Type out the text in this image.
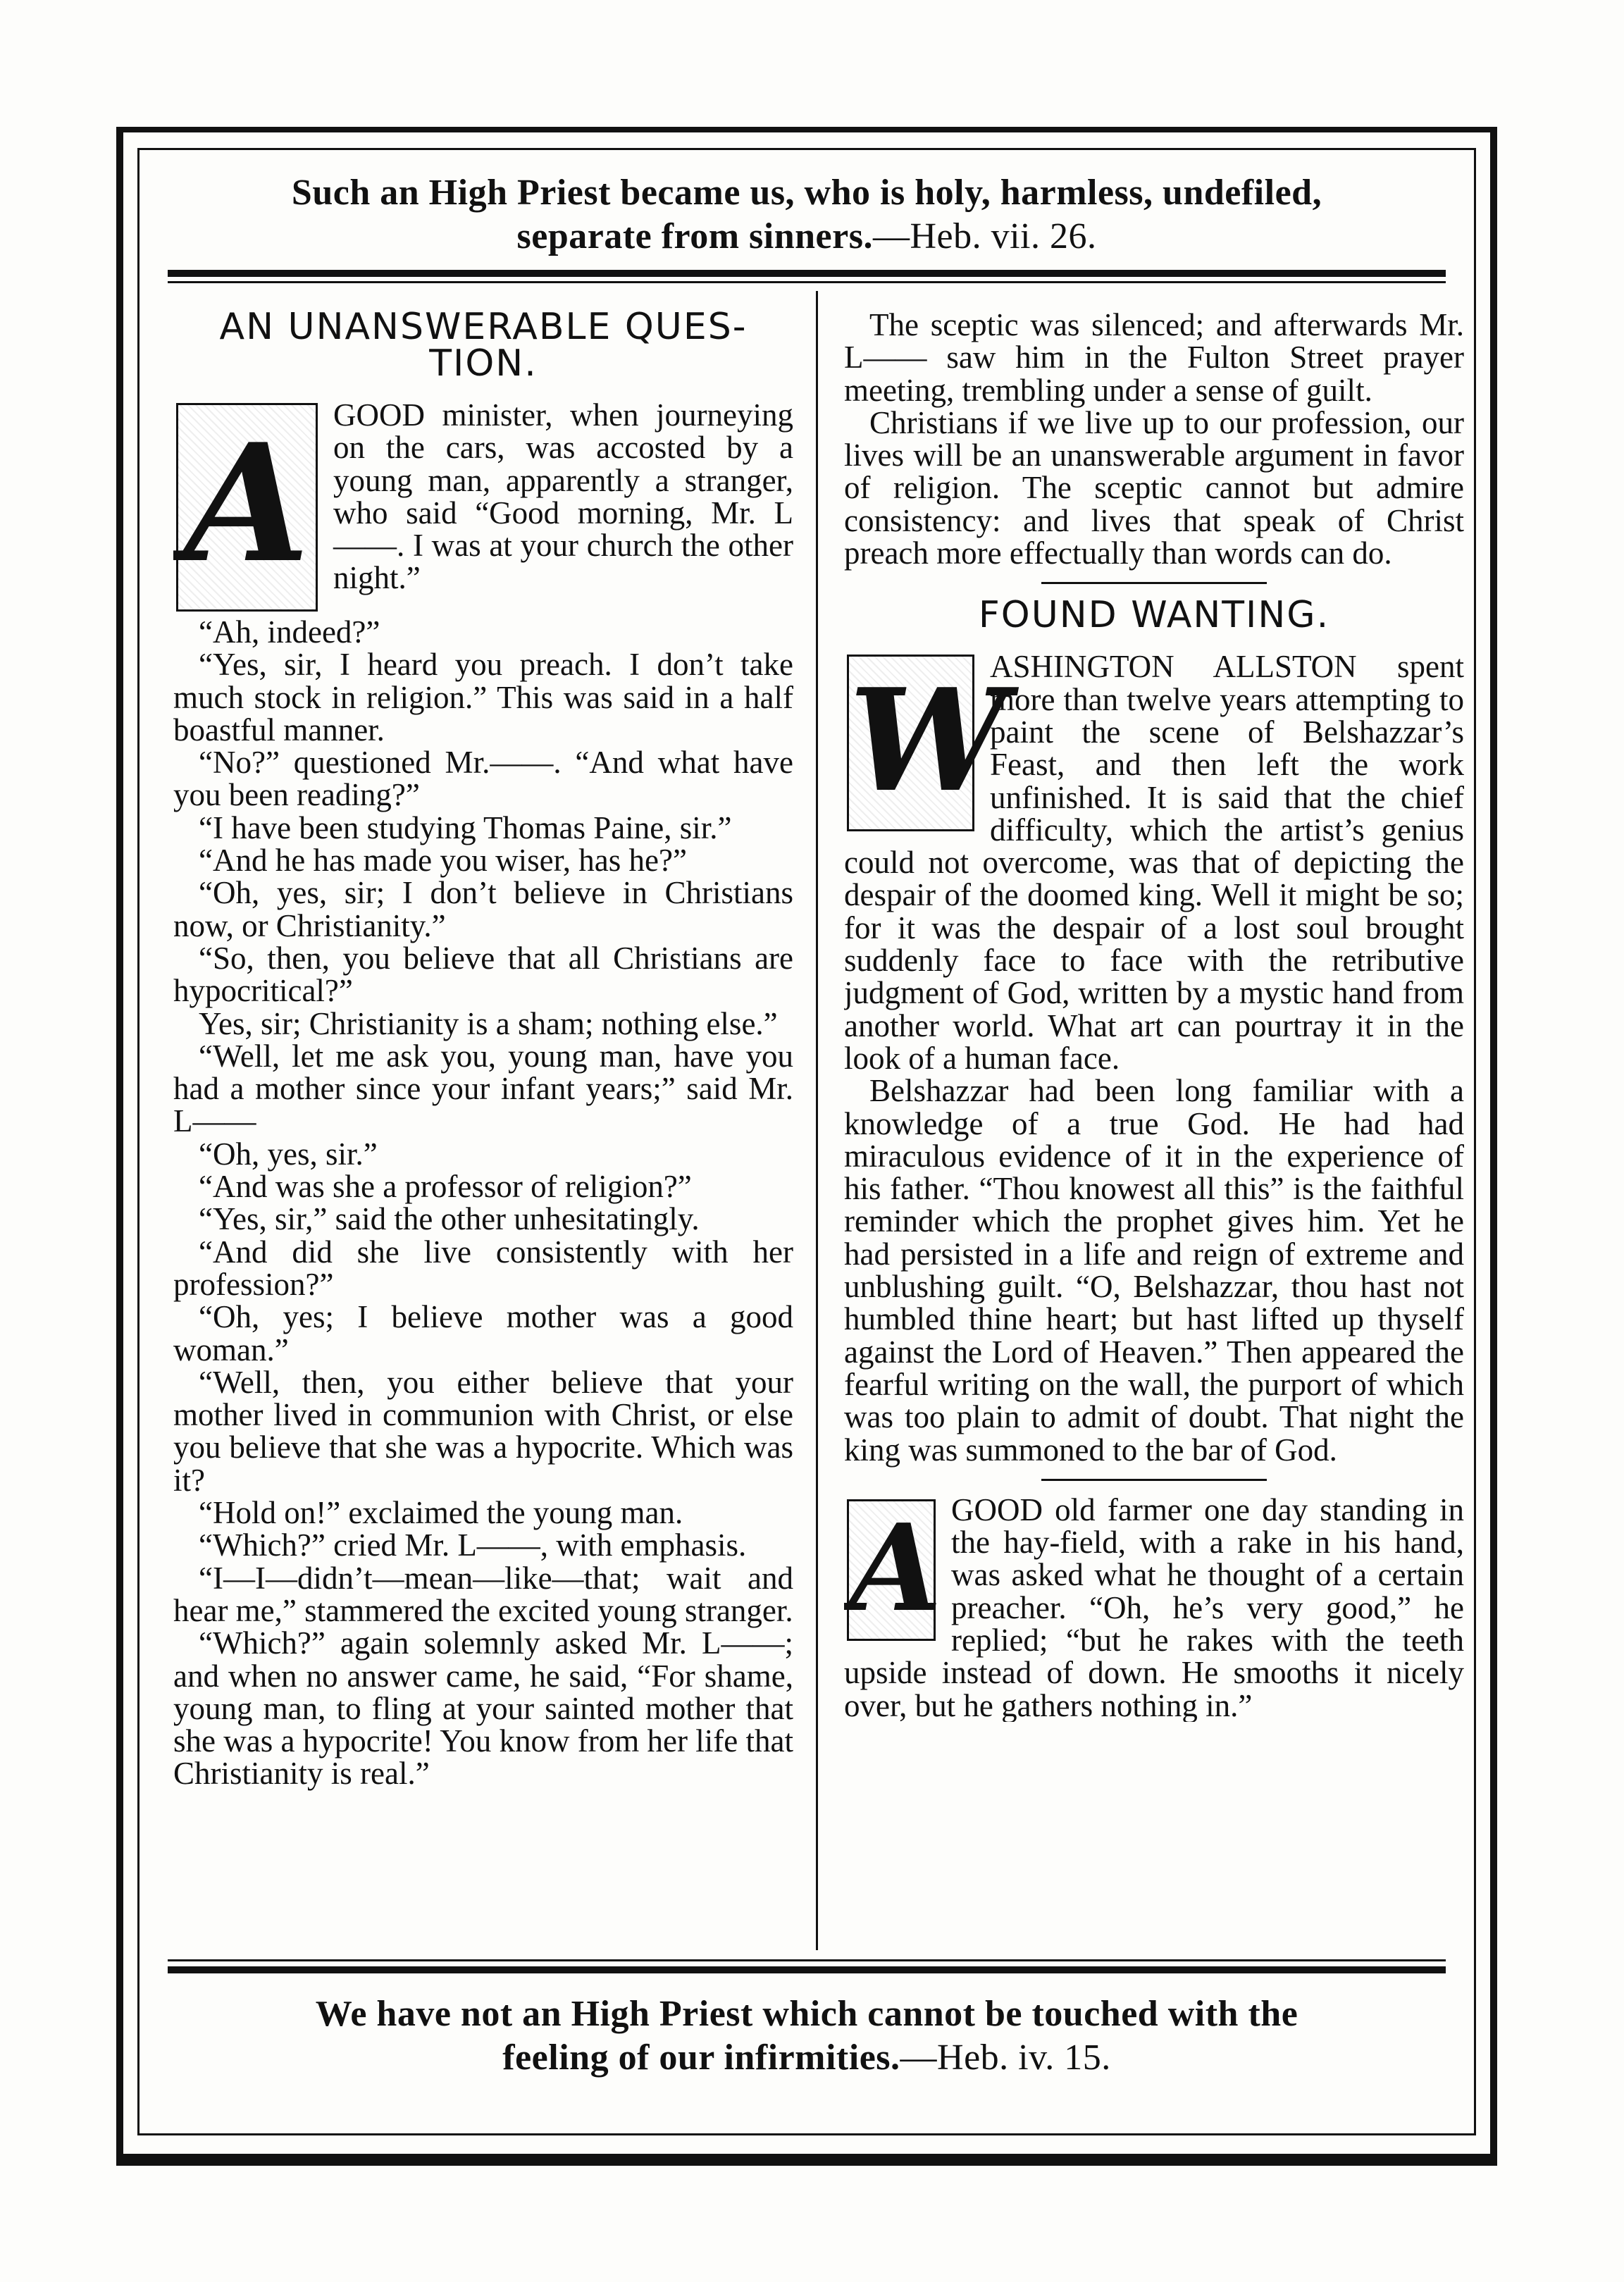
Such an High Priest became us, who is holy, harmless, undefiled,
separate from sinners.—Heb. vii. 26.
AN UNANSWERABLE QUES-TION.
A GOOD minister, when journeying on the cars, was accosted by a young man, apparently a stranger, who said “Good morning, Mr. L——. I was at your church the other night.”

“Ah, indeed?”

“Yes, sir, I heard you preach. I don’t take much stock in religion.” This was said in a half boastful manner.

“No?” questioned Mr.——. “And what have you been reading?”

“I have been studying Thomas Paine, sir.”

“And he has made you wiser, has he?”

“Oh, yes, sir; I don’t believe in Christians now, or Christianity.”

“So, then, you believe that all Christians are hypocritical?”

Yes, sir; Christianity is a sham; nothing else.”

“Well, let me ask you, young man, have you had a mother since your infant years;” said Mr. L——

“Oh, yes, sir.”

“And was she a professor of religion?”

“Yes, sir,” said the other unhesitatingly.

“And did she live consistently with her profession?”

“Oh, yes; I believe mother was a good woman.”

“Well, then, you either believe that your mother lived in communion with Christ, or else you believe that she was a hypocrite. Which was it?

“Hold on!” exclaimed the young man.

“Which?” cried Mr. L——, with emphasis.

“I—I—didn’t—mean—like—that; wait and hear me,” stammered the excited young stranger.

“Which?” again solemnly asked Mr. L——; and when no answer came, he said, “For shame, young man, to fling at your sainted mother that she was a hypocrite! You know from her life that Christianity is real.”

The sceptic was silenced; and afterwards Mr. L—— saw him in the Fulton Street prayer meeting, trembling under a sense of guilt.

Christians if we live up to our profession, our lives will be an unanswerable argument in favor of religion. The sceptic cannot but admire consistency: and lives that speak of Christ preach more effectually than words can do.

FOUND WANTING.
W

ASHINGTON ALLSTON spent more than twelve years attempting to paint the scene of Belshazzar’s Feast, and then left the work unfinished. It is said that the chief difficulty, which the artist’s genius could not overcome, was that of depicting the despair of the doomed king. Well it might be so; for it was the despair of a lost soul brought suddenly face to face with the retributive judgment of God, written by a mystic hand from another world. What art can pourtray it in the look of a human face.

Belshazzar had been long familiar with a knowledge of a true God. He had had miraculous evidence of it in the experience of his father. “Thou knowest all this” is the faithful reminder which the prophet gives him. Yet he had persisted in a life and reign of extreme and unblushing guilt. “O, Belshazzar, thou hast not humbled thine heart; but hast lifted up thyself against the Lord of Heaven.” Then appeared the fearful writing on the wall, the purport of which was too plain to admit of doubt. That night the king was summoned to the bar of God.

A GOOD old farmer one day standing in the hay-field, with a rake in his hand, was asked what he thought of a certain preacher. “Oh, he’s very good,” he replied; “but he rakes with the teeth upside instead of down. He smooths it nicely over, but he gathers nothing in.”

We have not an High Priest which cannot be touched with the
feeling of our infirmities.—Heb. iv. 15.
